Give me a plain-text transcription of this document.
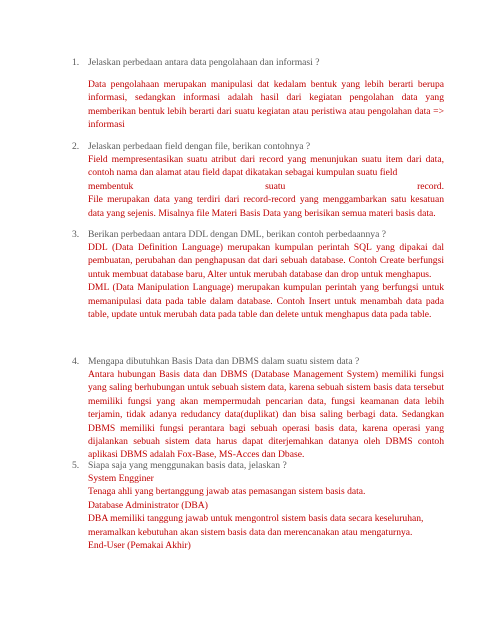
1. Jelaskan perbedaan antara data pengolahaan dan informasi ?

Data pengolahaan merupakan manipulasi dat kedalam bentuk yang lebih berarti berupa informasi, sedangkan informasi adalah hasil dari kegiatan pengolahan data yang memberikan bentuk lebih berarti dari suatu kegiatan atau peristiwa atau pengolahan data => informasi

2. Jelaskan perbedaan field dengan file, berikan contohnya ?

Field mempresentasikan suatu atribut dari record yang menunjukan suatu item dari data, contoh nama dan alamat atau field dapat dikatakan sebagai kumpulan suatu field

membentuk	suatu	record.

File merupakan data yang terdiri dari record-record yang menggambarkan satu kesatuan data yang sejenis. Misalnya file Materi Basis Data yang berisikan semua materi basis data.

3. Berikan perbedaan antara DDL dengan DML, berikan contoh perbedaannya ?

DDL (Data Definition Language) merupakan kumpulan perintah SQL yang dipakai dal pembuatan, perubahan dan penghapusan dat dari sebuah database. Contoh Create berfungsi untuk membuat database baru, Alter untuk merubah database dan drop untuk menghapus.

DML (Data Manipulation Language) merupakan kumpulan perintah yang berfungsi untuk memanipulasi data pada table dalam database. Contoh Insert untuk menambah data pada table, update untuk merubah data pada table dan delete untuk menghapus data pada table.

4. Mengapa dibutuhkan Basis Data dan DBMS dalam suatu sistem data ?

Antara hubungan Basis data dan DBMS (Database Management System) memiliki fungsi yang saling berhubungan untuk sebuah sistem data, karena sebuah sistem basis data tersebut memiliki fungsi yang akan mempermudah pencarian data, fungsi keamanan data lebih terjamin, tidak adanya redudancy data(duplikat) dan bisa saling berbagi data. Sedangkan DBMS memiliki fungsi perantara bagi sebuah operasi basis data, karena operasi yang dijalankan sebuah sistem data harus dapat diterjemahkan datanya oleh DBMS contoh aplikasi DBMS adalah Fox-Base, MS-Acces dan Dbase.

5. Siapa saja yang menggunakan basis data, jelaskan ?

System Engginer

Tenaga ahli yang bertanggung jawab atas pemasangan sistem basis data.

Database Administrator (DBA)

DBA memiliki tanggung jawab untuk mengontrol sistem basis data secara keseluruhan, meramalkan kebutuhan akan sistem basis data dan merencanakan atau mengaturnya.

End-User (Pemakai Akhir)
